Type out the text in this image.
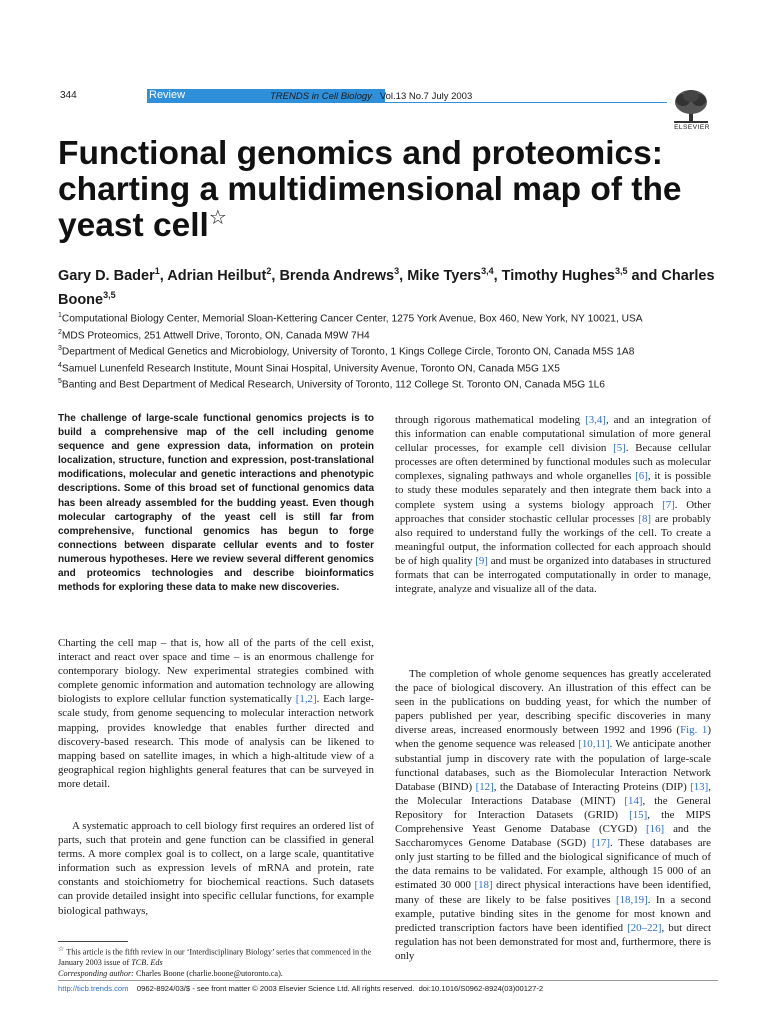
344	Review	TRENDS in Cell Biology Vol.13 No.7 July 2003
ELSEVIER
Functional genomics and proteomics: charting a multidimensional map of the yeast cell☆
Gary D. Bader$^1$, Adrian Heilbut$^2$, Brenda Andrews$^3$, Mike Tyers$^{3,4}$, Timothy Hughes$^{3,5}$ and Charles Boone$^{3,5}$
$^1$Computational Biology Center, Memorial Sloan-Kettering Cancer Center, 1275 York Avenue, Box 460, New York, NY 10021, USA
$^2$MDS Proteomics, 251 Attwell Drive, Toronto, ON, Canada M9W 7H4
$^3$Department of Medical Genetics and Microbiology, University of Toronto, 1 Kings College Circle, Toronto ON, Canada M5S 1A8
$^4$Samuel Lunenfeld Research Institute, Mount Sinai Hospital, University Avenue, Toronto ON, Canada M5G 1X5
$^5$Banting and Best Department of Medical Research, University of Toronto, 112 College St. Toronto ON, Canada M5G 1L6
The challenge of large-scale functional genomics projects is to build a comprehensive map of the cell including genome sequence and gene expression data, information on protein localization, structure, function and expression, post-translational modifications, molecular and genetic interactions and phenotypic descriptions. Some of this broad set of functional genomics data has been already assembled for the budding yeast. Even though molecular cartography of the yeast cell is still far from comprehensive, functional genomics has begun to forge connections between disparate cellular events and to foster numerous hypotheses. Here we review several different genomics and proteomics technologies and describe bioinformatics methods for exploring these data to make new discoveries.
Charting the cell map – that is, how all of the parts of the cell exist, interact and react over space and time – is an enormous challenge for contemporary biology. New experimental strategies combined with complete genomic information and automation technology are allowing biologists to explore cellular function systematically [1,2]. Each large-scale study, from genome sequencing to molecular interaction network mapping, provides knowledge that enables further directed and discovery-based research. This mode of analysis can be likened to mapping based on satellite images, in which a high-altitude view of a geographical region highlights general features that can be surveyed in more detail.
A systematic approach to cell biology first requires an ordered list of parts, such that protein and gene function can be classified in general terms. A more complex goal is to collect, on a large scale, quantitative information such as expression levels of mRNA and protein, rate constants and stoichiometry for biochemical reactions. Such datasets can provide detailed insight into specific cellular functions, for example biological pathways,
through rigorous mathematical modeling [3,4], and an integration of this information can enable computational simulation of more general cellular processes, for example cell division [5]. Because cellular processes are often determined by functional modules such as molecular complexes, signaling pathways and whole organelles [6], it is possible to study these modules separately and then integrate them back into a complete system using a systems biology approach [7]. Other approaches that consider stochastic cellular processes [8] are probably also required to understand fully the workings of the cell. To create a meaningful output, the information collected for each approach should be of high quality [9] and must be organized into databases in structured formats that can be interrogated computationally in order to manage, integrate, analyze and visualize all of the data.
The completion of whole genome sequences has greatly accelerated the pace of biological discovery. An illustration of this effect can be seen in the publications on budding yeast, for which the number of papers published per year, describing specific discoveries in many diverse areas, increased enormously between 1992 and 1996 (Fig. 1) when the genome sequence was released [10,11]. We anticipate another substantial jump in discovery rate with the population of large-scale functional databases, such as the Biomolecular Interaction Network Database (BIND) [12], the Database of Interacting Proteins (DIP) [13], the Molecular Interactions Database (MINT) [14], the General Repository for Interaction Datasets (GRID) [15], the MIPS Comprehensive Yeast Genome Database (CYGD) [16] and the Saccharomyces Genome Database (SGD) [17]. These databases are only just starting to be filled and the biological significance of much of the data remains to be validated. For example, although 15 000 of an estimated 30 000 [18] direct physical interactions have been identified, many of these are likely to be false positives [18,19]. In a second example, putative binding sites in the genome for most known and predicted transcription factors have been identified [20–22], but direct regulation has not been demonstrated for most and, furthermore, there is only
☆ This article is the fifth review in our ‘Interdisciplinary Biology’ series that commenced in the January 2003 issue of TCB. Eds
Corresponding author: Charles Boone (charlie.boone@utoronto.ca).
http://ticb.trends.com    0962-8924/03/$ - see front matter © 2003 Elsevier Science Ltd. All rights reserved.  doi:10.1016/S0962-8924(03)00127-2
